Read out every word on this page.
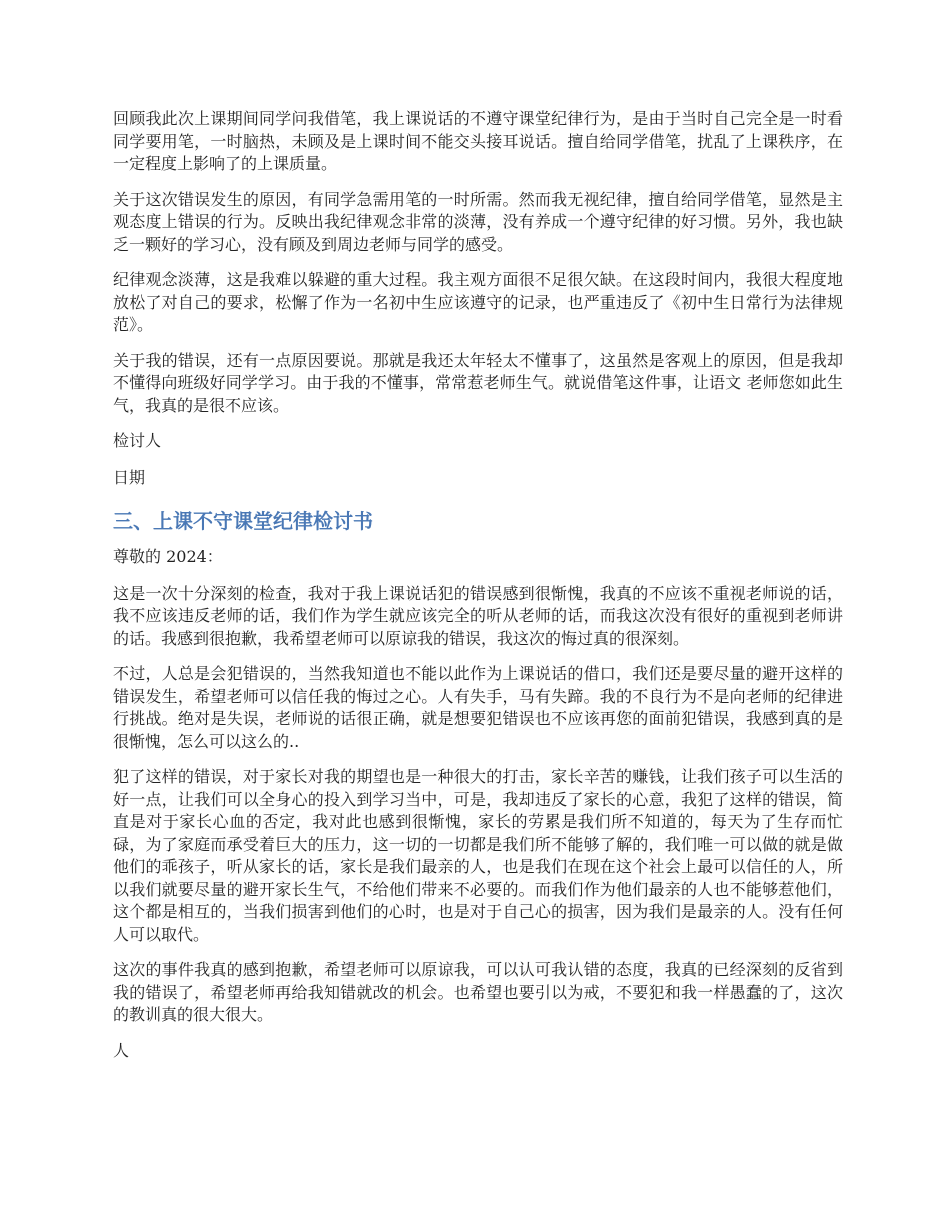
回顾我此次上课期间同学问我借笔，我上课说话的不遵守课堂纪律行为，是由于当时自己完全是一时看同学要用笔，一时脑热，未顾及是上课时间不能交头接耳说话。擅自给同学借笔，扰乱了上课秩序，在一定程度上影响了的上课质量。

关于这次错误发生的原因，有同学急需用笔的一时所需。然而我无视纪律，擅自给同学借笔，显然是主观态度上错误的行为。反映出我纪律观念非常的淡薄，没有养成一个遵守纪律的好习惯。另外，我也缺乏一颗好的学习心，没有顾及到周边老师与同学的感受。

纪律观念淡薄，这是我难以躲避的重大过程。我主观方面很不足很欠缺。在这段时间内，我很大程度地放松了对自己的要求，松懈了作为一名初中生应该遵守的记录，也严重违反了《初中生日常行为法律规范》。

关于我的错误，还有一点原因要说。那就是我还太年轻太不懂事了，这虽然是客观上的原因，但是我却不懂得向班级好同学学习。由于我的不懂事，常常惹老师生气。就说借笔这件事，让语文 老师您如此生气，我真的是很不应该。

检讨人

日期

三、上课不守课堂纪律检讨书

尊敬的 2024：

这是一次十分深刻的检查，我对于我上课说话犯的错误感到很惭愧，我真的不应该不重视老师说的话，我不应该违反老师的话，我们作为学生就应该完全的听从老师的话，而我这次没有很好的重视到老师讲的话。我感到很抱歉，我希望老师可以原谅我的错误，我这次的悔过真的很深刻。

不过，人总是会犯错误的，当然我知道也不能以此作为上课说话的借口，我们还是要尽量的避开这样的错误发生，希望老师可以信任我的悔过之心。人有失手，马有失蹄。我的不良行为不是向老师的纪律进行挑战。绝对是失误，老师说的话很正确，就是想要犯错误也不应该再您的面前犯错误，我感到真的是很惭愧，怎么可以这么的..

犯了这样的错误，对于家长对我的期望也是一种很大的打击，家长辛苦的赚钱，让我们孩子可以生活的好一点，让我们可以全身心的投入到学习当中，可是，我却违反了家长的心意，我犯了这样的错误，简直是对于家长心血的否定，我对此也感到很惭愧，家长的劳累是我们所不知道的，每天为了生存而忙碌，为了家庭而承受着巨大的压力，这一切的一切都是我们所不能够了解的，我们唯一可以做的就是做他们的乖孩子，听从家长的话，家长是我们最亲的人，也是我们在现在这个社会上最可以信任的人，所以我们就要尽量的避开家长生气，不给他们带来不必要的。而我们作为他们最亲的人也不能够惹他们，这个都是相互的，当我们损害到他们的心时，也是对于自己心的损害，因为我们是最亲的人。没有任何人可以取代。

这次的事件我真的感到抱歉，希望老师可以原谅我，可以认可我认错的态度，我真的已经深刻的反省到我的错误了，希望老师再给我知错就改的机会。也希望也要引以为戒，不要犯和我一样愚蠢的了，这次的教训真的很大很大。

人
